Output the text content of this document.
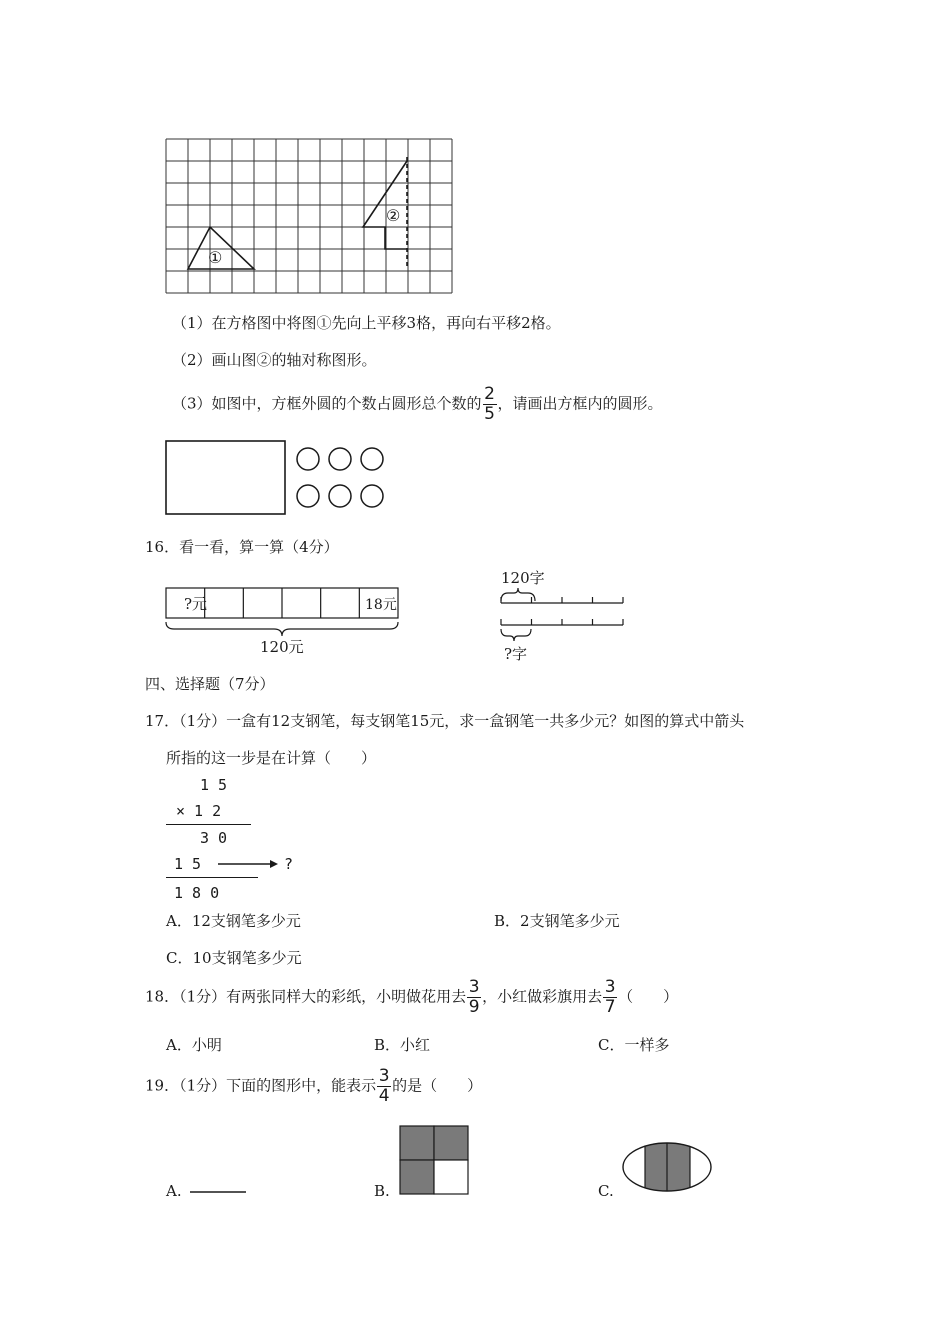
①
②
（1）在方格图中将图①先向上平移3格，再向右平移2格。
（2）画山图②的轴对称图形。
（3）如图中，方框外圆的个数占圆形总个数的 $\frac{2}{5}$ ，请画出方框内的圆形。
16．看一看，算一算（4分）
?元	18元
120元
120字
?字
四、选择题（7分）
17．（1分）一盒有12支钢笔，每支钢笔15元，求一盒钢笔一共多少元？如图的算式中箭头
所指的这一步是在计算（　　）
1 5
× 1 2
3 0
1 5	?
1 8 0
A．12支钢笔多少元	B．2支钢笔多少元
C．10支钢笔多少元
18．（1分）有两张同样大的彩纸，小明做花用去 $\frac{3}{9}$ ，小红做彩旗用去 $\frac{3}{7}$ （　　）
A．小明	B．小红	C．一样多
19．（1分）下面的图形中，能表示 $\frac{3}{4}$ 的是（　　）
A.	B.	C.
